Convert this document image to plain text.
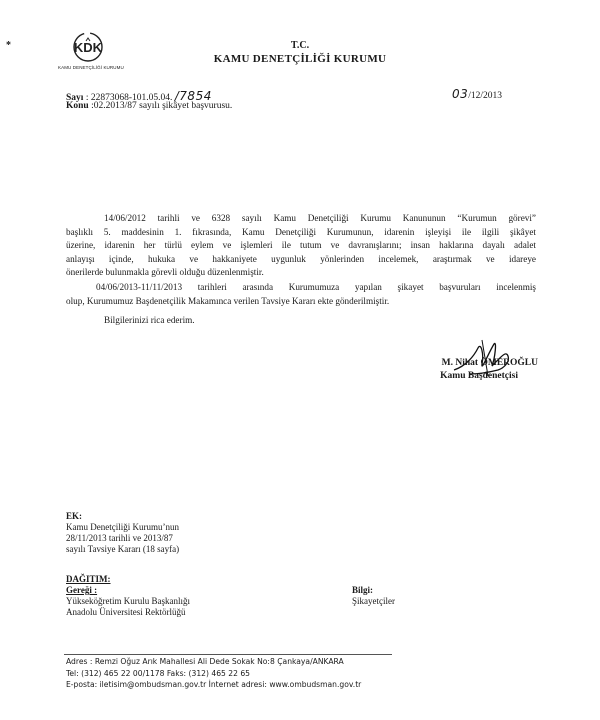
*	KDK
KAMU DENETÇİLİĞİ KURUMU
T.C.
KAMU DENETÇİLİĞİ KURUMU
Sayı : 22873068-101.05.04. /7854
Konu :02.2013/87 sayılı şikâyet başvurusu.
03/12/2013
14/06/2012 tarihli ve 6328 sayılı Kamu Denetçiliği Kurumu Kanununun “Kurumun görevi”
başlıklı 5. maddesinin 1. fıkrasında, Kamu Denetçiliği Kurumunun, idarenin işleyişi ile ilgili şikâyet
üzerine, idarenin her türlü eylem ve işlemleri ile tutum ve davranışlarını; insan haklarına dayalı adalet
anlayışı içinde, hukuka ve hakkaniyete uygunluk yönlerinden incelemek, araştırmak ve idareye
önerilerde bulunmakla görevli olduğu düzenlenmiştir.
04/06/2013-11/11/2013 tarihleri arasında Kurumumuza yapılan şikayet başvuruları incelenmiş
olup, Kurumumuz Başdenetçilik Makamınca verilen Tavsiye Kararı ekte gönderilmiştir.
Bilgilerinizi rica ederim.
M. Nihat ÖMEROĞLU
Kamu Başdenetçisi
EK:
Kamu Denetçiliği Kurumu’nun
28/11/2013 tarihli ve 2013/87
sayılı Tavsiye Kararı (18 sayfa)
DAĞITIM:
Gereği :
Yükseköğretim Kurulu Başkanlığı
Anadolu Üniversitesi Rektörlüğü
Bilgi:
Şikayetçiler
Adres : Remzi Oğuz Arık Mahallesi Ali Dede Sokak No:8 Çankaya/ANKARA
Tel: (312) 465 22 00/1178 Faks: (312) 465 22 65
E-posta: iletisim@ombudsman.gov.tr İnternet adresi: www.ombudsman.gov.tr
